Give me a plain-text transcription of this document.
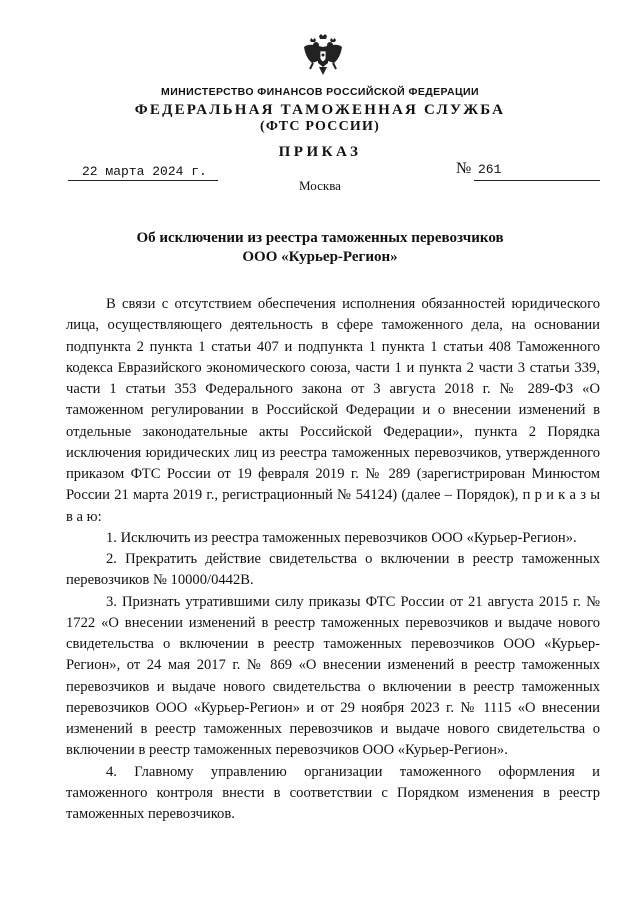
МИНИСТЕРСТВО ФИНАНСОВ РОССИЙСКОЙ ФЕДЕРАЦИИ
ФЕДЕРАЛЬНАЯ ТАМОЖЕННАЯ СЛУЖБА
(ФТС РОССИИ)
ПРИКАЗ
22 марта 2024 г.	№ 261
Москва
Об исключении из реестра таможенных перевозчиков
ООО «Курьер-Регион»

В связи с отсутствием обеспечения исполнения обязанностей юридического лица, осуществляющего деятельность в сфере таможенного дела, на основании подпункта 2 пункта 1 статьи 407 и подпункта 1 пункта 1 статьи 408 Таможенного кодекса Евразийского экономического союза, части 1 и пункта 2 части 3 статьи 339, части 1 статьи 353 Федерального закона от 3 августа 2018 г. № 289-ФЗ «О таможенном регулировании в Российской Федерации и о внесении изменений в отдельные законодательные акты Российской Федерации», пункта 2 Порядка исключения юридических лиц из реестра таможенных перевозчиков, утвержденного приказом ФТС России от 19 февраля 2019 г. № 289 (зарегистрирован Минюстом России 21 марта 2019 г., регистрационный № 54124) (далее – Порядок), п р и к а з ы в а ю:

1. Исключить из реестра таможенных перевозчиков ООО «Курьер-Регион».

2. Прекратить действие свидетельства о включении в реестр таможенных перевозчиков № 10000/0442В.

3. Признать утратившими силу приказы ФТС России от 21 августа 2015 г. № 1722 «О внесении изменений в реестр таможенных перевозчиков и выдаче нового свидетельства о включении в реестр таможенных перевозчиков ООО «Курьер-Регион», от 24 мая 2017 г. № 869 «О внесении изменений в реестр таможенных перевозчиков и выдаче нового свидетельства о включении в реестр таможенных перевозчиков ООО «Курьер-Регион» и от 29 ноября 2023 г. № 1115 «О внесении изменений в реестр таможенных перевозчиков и выдаче нового свидетельства о включении в реестр таможенных перевозчиков ООО «Курьер-Регион».

4. Главному управлению организации таможенного оформления и таможенного контроля внести в соответствии с Порядком изменения в реестр таможенных перевозчиков.
